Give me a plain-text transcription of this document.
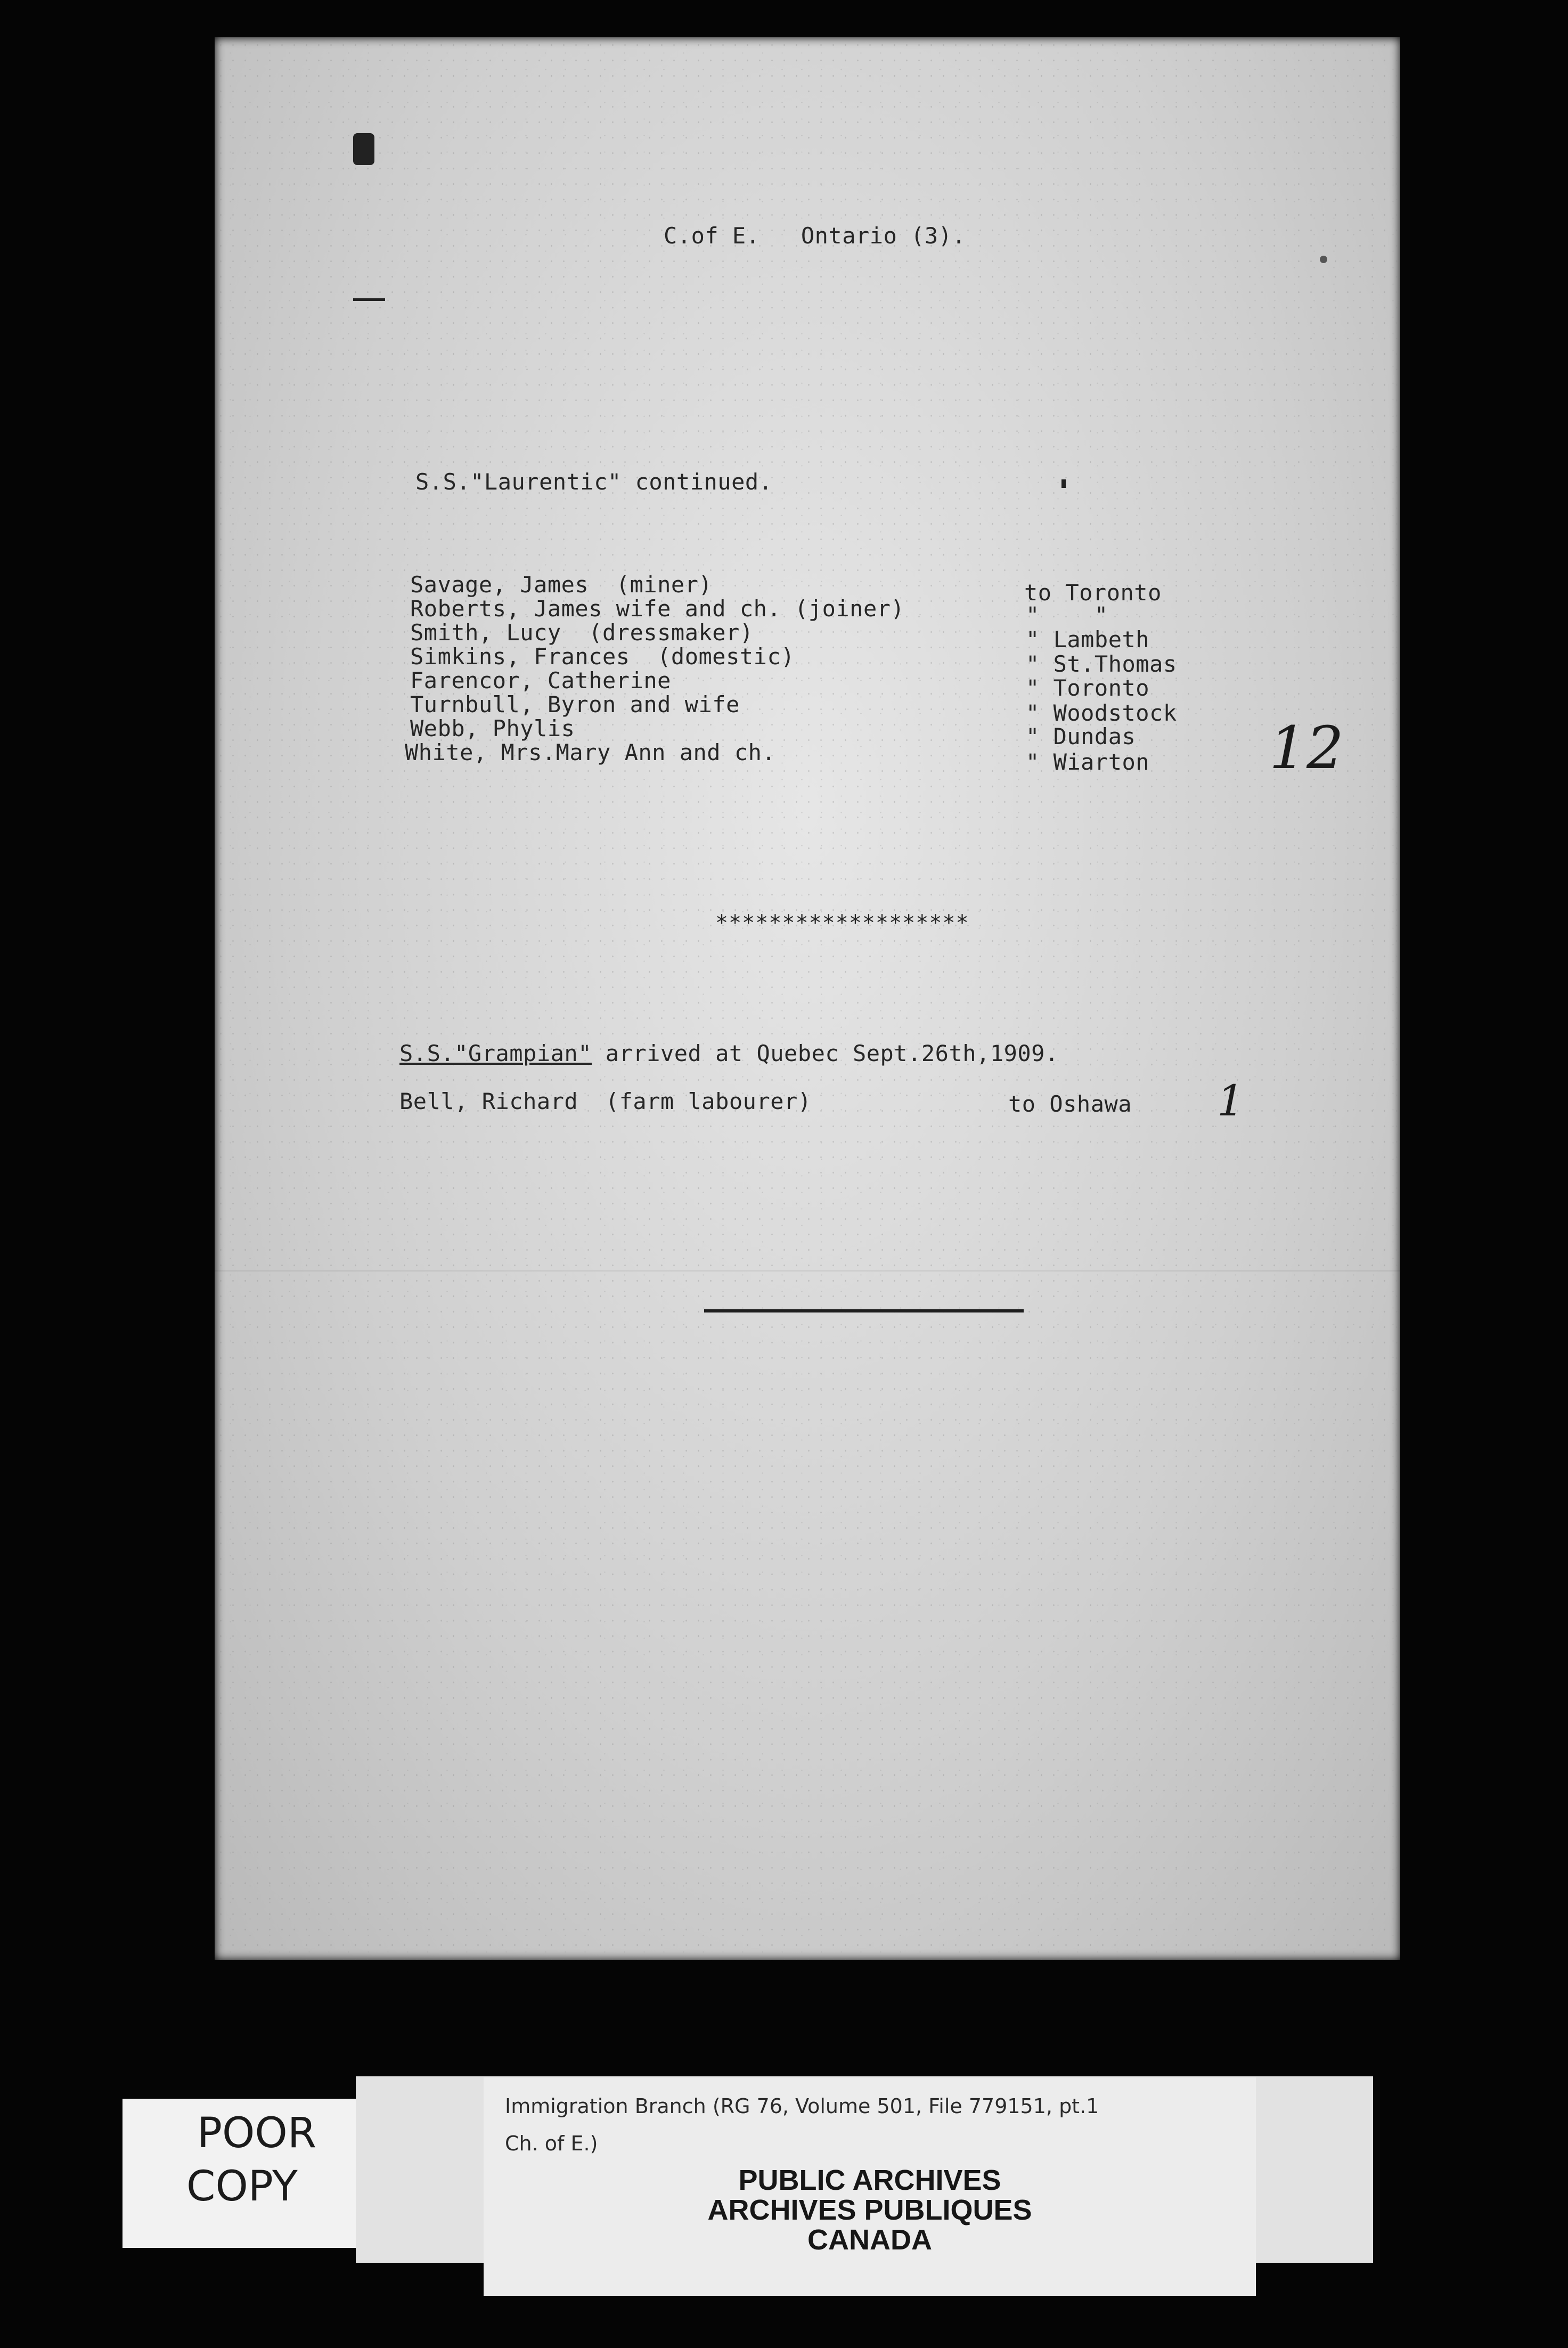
C.of E.   Ontario (3).
S.S."Laurentic" continued.
Savage, James  (miner)	to Toronto
Roberts, James wife and ch. (joiner)	"    "
Smith, Lucy  (dressmaker)	" Lambeth
Simkins, Frances  (domestic)	" St.Thomas
Farencor, Catherine	" Toronto
Turnbull, Byron and wife	" Woodstock
Webb, Phylis	" Dundas
White, Mrs.Mary Ann and ch.	" Wiarton 12
*******************
S.S."Grampian" arrived at Quebec Sept.26th,1909.
Bell, Richard  (farm labourer)	to Oshawa 1
POOR
COPY
Immigration Branch (RG 76, Volume 501, File 779151, pt.1
Ch. of E.)
PUBLIC ARCHIVES
ARCHIVES PUBLIQUES
CANADA
